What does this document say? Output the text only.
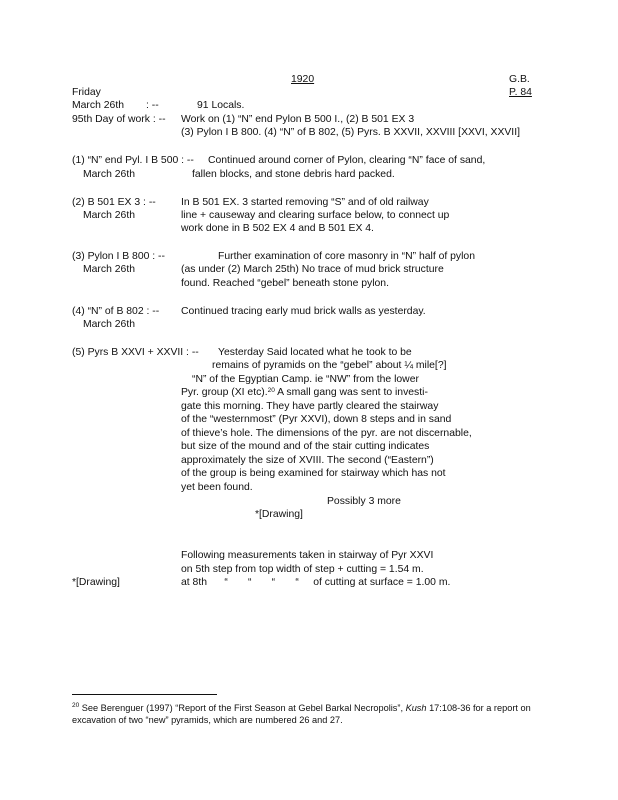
1920	G.B.
P. 84
Friday
March 26th : --	91 Locals.
95th Day of work : -- Work on (1) “N” end Pylon B 500 I., (2) B 501 EX 3
(3) Pylon I B 800. (4) “N” of B 802, (5) Pyrs. B XXVII, XXVIII [XXVI, XXVII]
(1) “N” end Pyl. I B 500 : -- Continued around corner of Pylon, clearing “N” face of sand,
March 26th	fallen blocks, and stone debris hard packed.
(2) B 501 EX 3 : -- In B 501 EX. 3 started removing “S” and of old railway
March 26th	line + causeway and clearing surface below, to connect up
work done in B 502 EX 4 and B 501 EX 4.
(3) Pylon I B 800 : --	Further examination of core masonry in “N” half of pylon
March 26th	(as under (2) March 25th) No trace of mud brick structure
found. Reached “gebel” beneath stone pylon.
(4) “N” of B 802 : -- Continued tracing early mud brick walls as yesterday.
March 26th
(5) Pyrs B XXVI + XXVII : -- Yesterday Said located what he took to be
remains of pyramids on the “gebel” about ¼ mile[?]
“N” of the Egyptian Camp. ie “NW” from the lower
Pyr. group (XI etc).$^{20}$ A small gang was sent to investi-
gate this morning. They have partly cleared the stairway
of the “westernmost” (Pyr XXVI), down 8 steps and in sand
of thieve’s hole. The dimensions of the pyr. are not discernable,
but size of the mound and of the stair cutting indicates
approximately the size of XVIII. The second (“Eastern”)
of the group is being examined for stairway which has not
yet been found.
Possibly 3 more
*[Drawing]
Following measurements taken in stairway of Pyr XXVI
on 5th step from top width of step + cutting = 1.54 m.
*[Drawing]	at 8th      “       “       “       “     of cutting at surface = 1.00 m.
$^{20}$ See Berenguer (1997) “Report of the First Season at Gebel Barkal Necropolis”, Kush 17:108-36 for a report on excavation of two “new” pyramids, which are numbered 26 and 27.
